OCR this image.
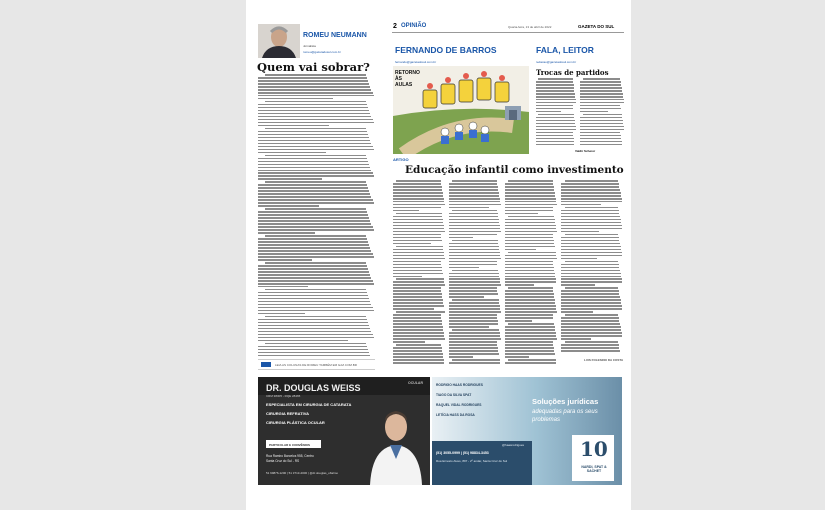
2 OPINIÃO	Quarta-feira, 13 de abril de 2022	GAZETA DO SUL
ROMEU NEUMANN
Jornalista
romeu@gazetadosul.com.br
Quem vai sobrar?
LEIA AS COLUNAS DE ROMEU TAMBÉM EM GAZ.COM.BR
FERNANDO DE BARROS
fernando@gazetadosul.com.br
RETORNO ÀS AULAS
FALA, LEITOR
redacao@gazetadosul.com.br
Trocas de partidos
Valdir Scherer
ARTIGO
Educação infantil como investimento
LUIS FOLESINO DA COSTA
DR. DOUGLAS WEISS
CRM 38305 - RQE 28465
ESPECIALISTA EM CIRURGIA DE CATARATA
CIRURGIA REFRATIVA
CIRURGIA PLÁSTICA OCULAR
PARTICULAR E CONVÊNIOS
Rua Ramiro Barcelos 955, Centro
Santa Cruz do Sul - RS
51 99876-1200 | 51 3713-2000 | @dr.douglas_oftalmo
OCULAR	RODRIGO HAAS RODRIGUES
TIAGO DA SILVA SPAT
RAQUEL VIDAL RODRIGUES
LETÍCIA HASS DA ROSA
Soluções jurídicas
adequadas para os seus problemas
(51) 3055-0999 | (51) 98834-3453
Rua Ernesto Alves, 897 - 2º andar, Santa Cruz do Sul
@haasrodrigues	10
NARDI, SPAT & SACHET
